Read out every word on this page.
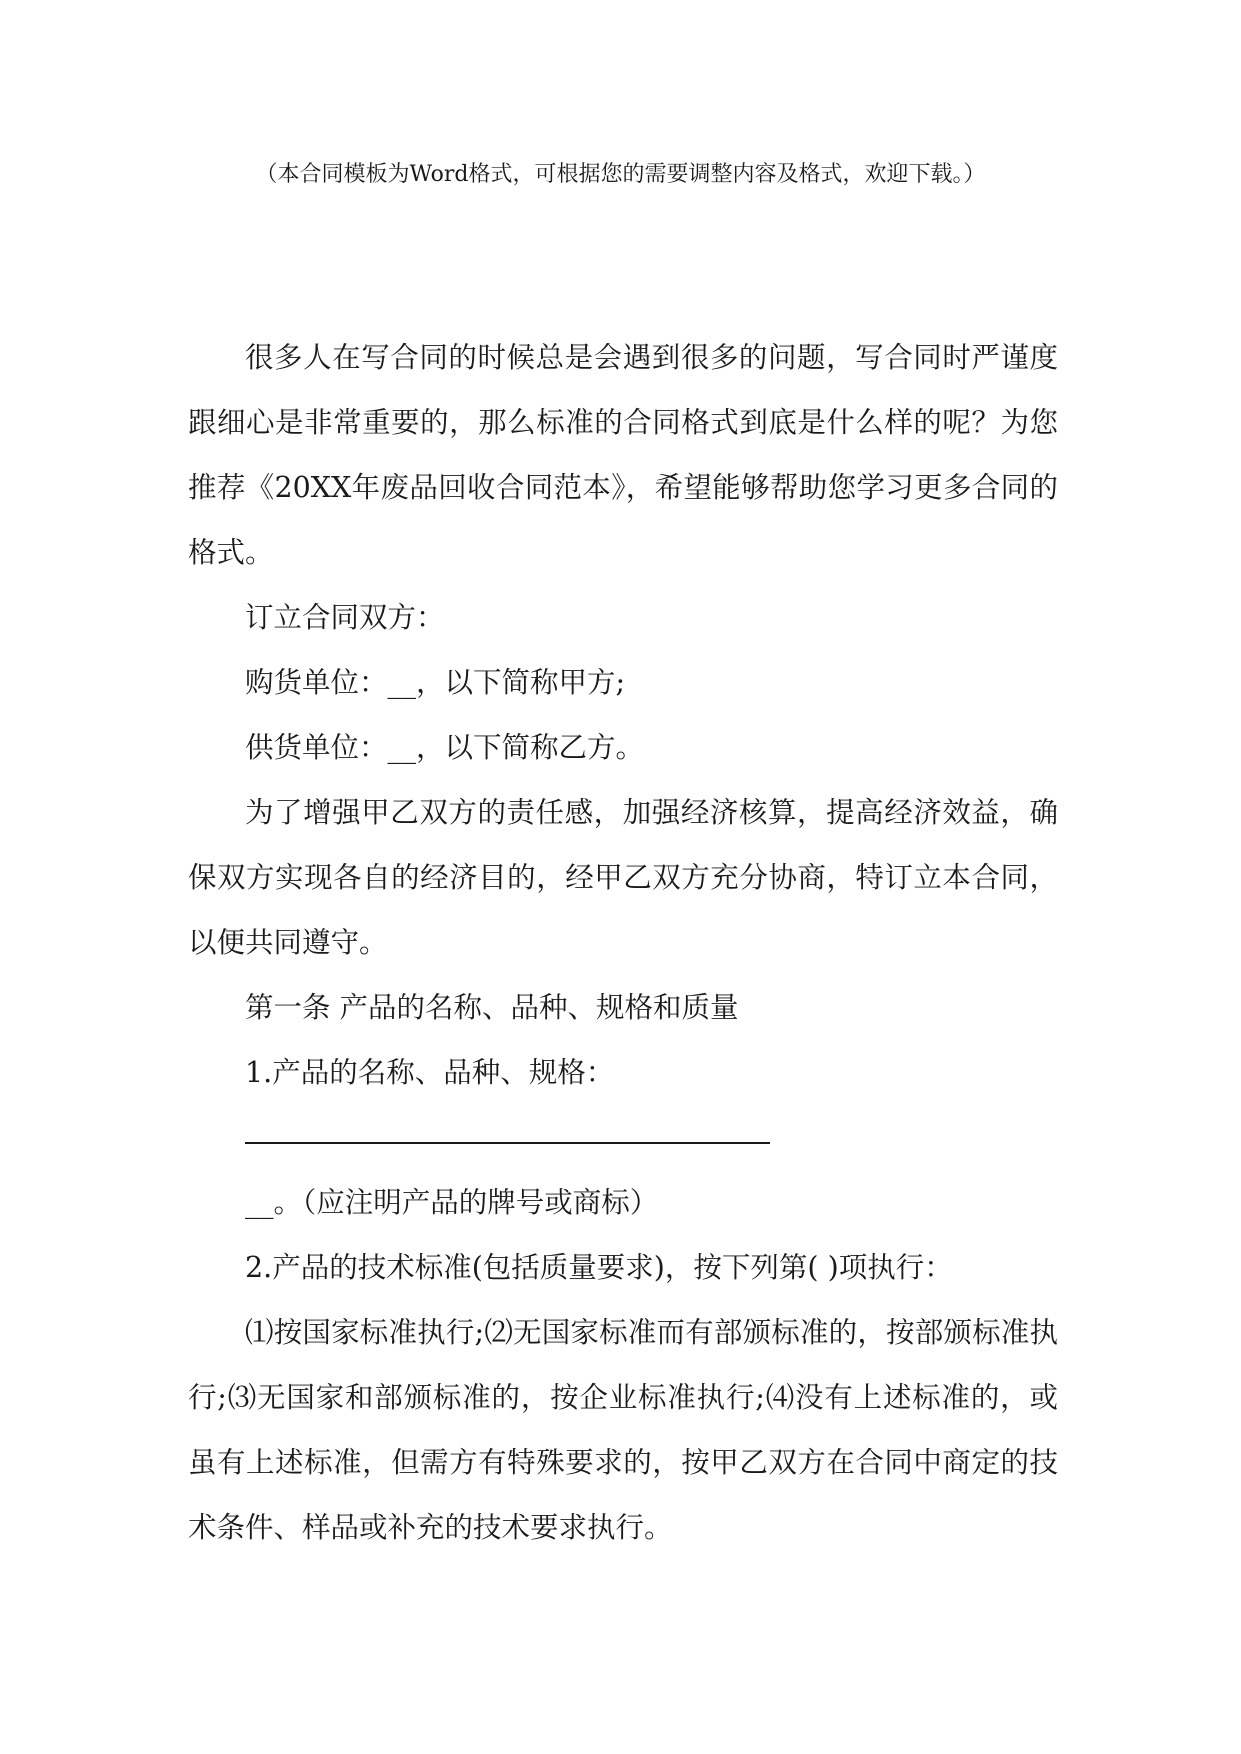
（本合同模板为Word格式，可根据您的需要调整内容及格式，欢迎下载。）

很多人在写合同的时候总是会遇到很多的问题，写合同时严谨度跟细心是非常重要的，那么标准的合同格式到底是什么样的呢？为您推荐《20XX年废品回收合同范本》，希望能够帮助您学习更多合同的格式。

订立合同双方：

购货单位：__，以下简称甲方;

供货单位：__，以下简称乙方。

为了增强甲乙双方的责任感，加强经济核算，提高经济效益，确保双方实现各自的经济目的，经甲乙双方充分协商，特订立本合同，以便共同遵守。

第一条 产品的名称、品种、规格和质量

1.产品的名称、品种、规格：

__。（应注明产品的牌号或商标）

2.产品的技术标准(包括质量要求)，按下列第( )项执行：

⑴按国家标准执行;⑵无国家标准而有部颁标准的，按部颁标准执行;⑶无国家和部颁标准的，按企业标准执行;⑷没有上述标准的，或虽有上述标准，但需方有特殊要求的，按甲乙双方在合同中商定的技术条件、样品或补充的技术要求执行。
